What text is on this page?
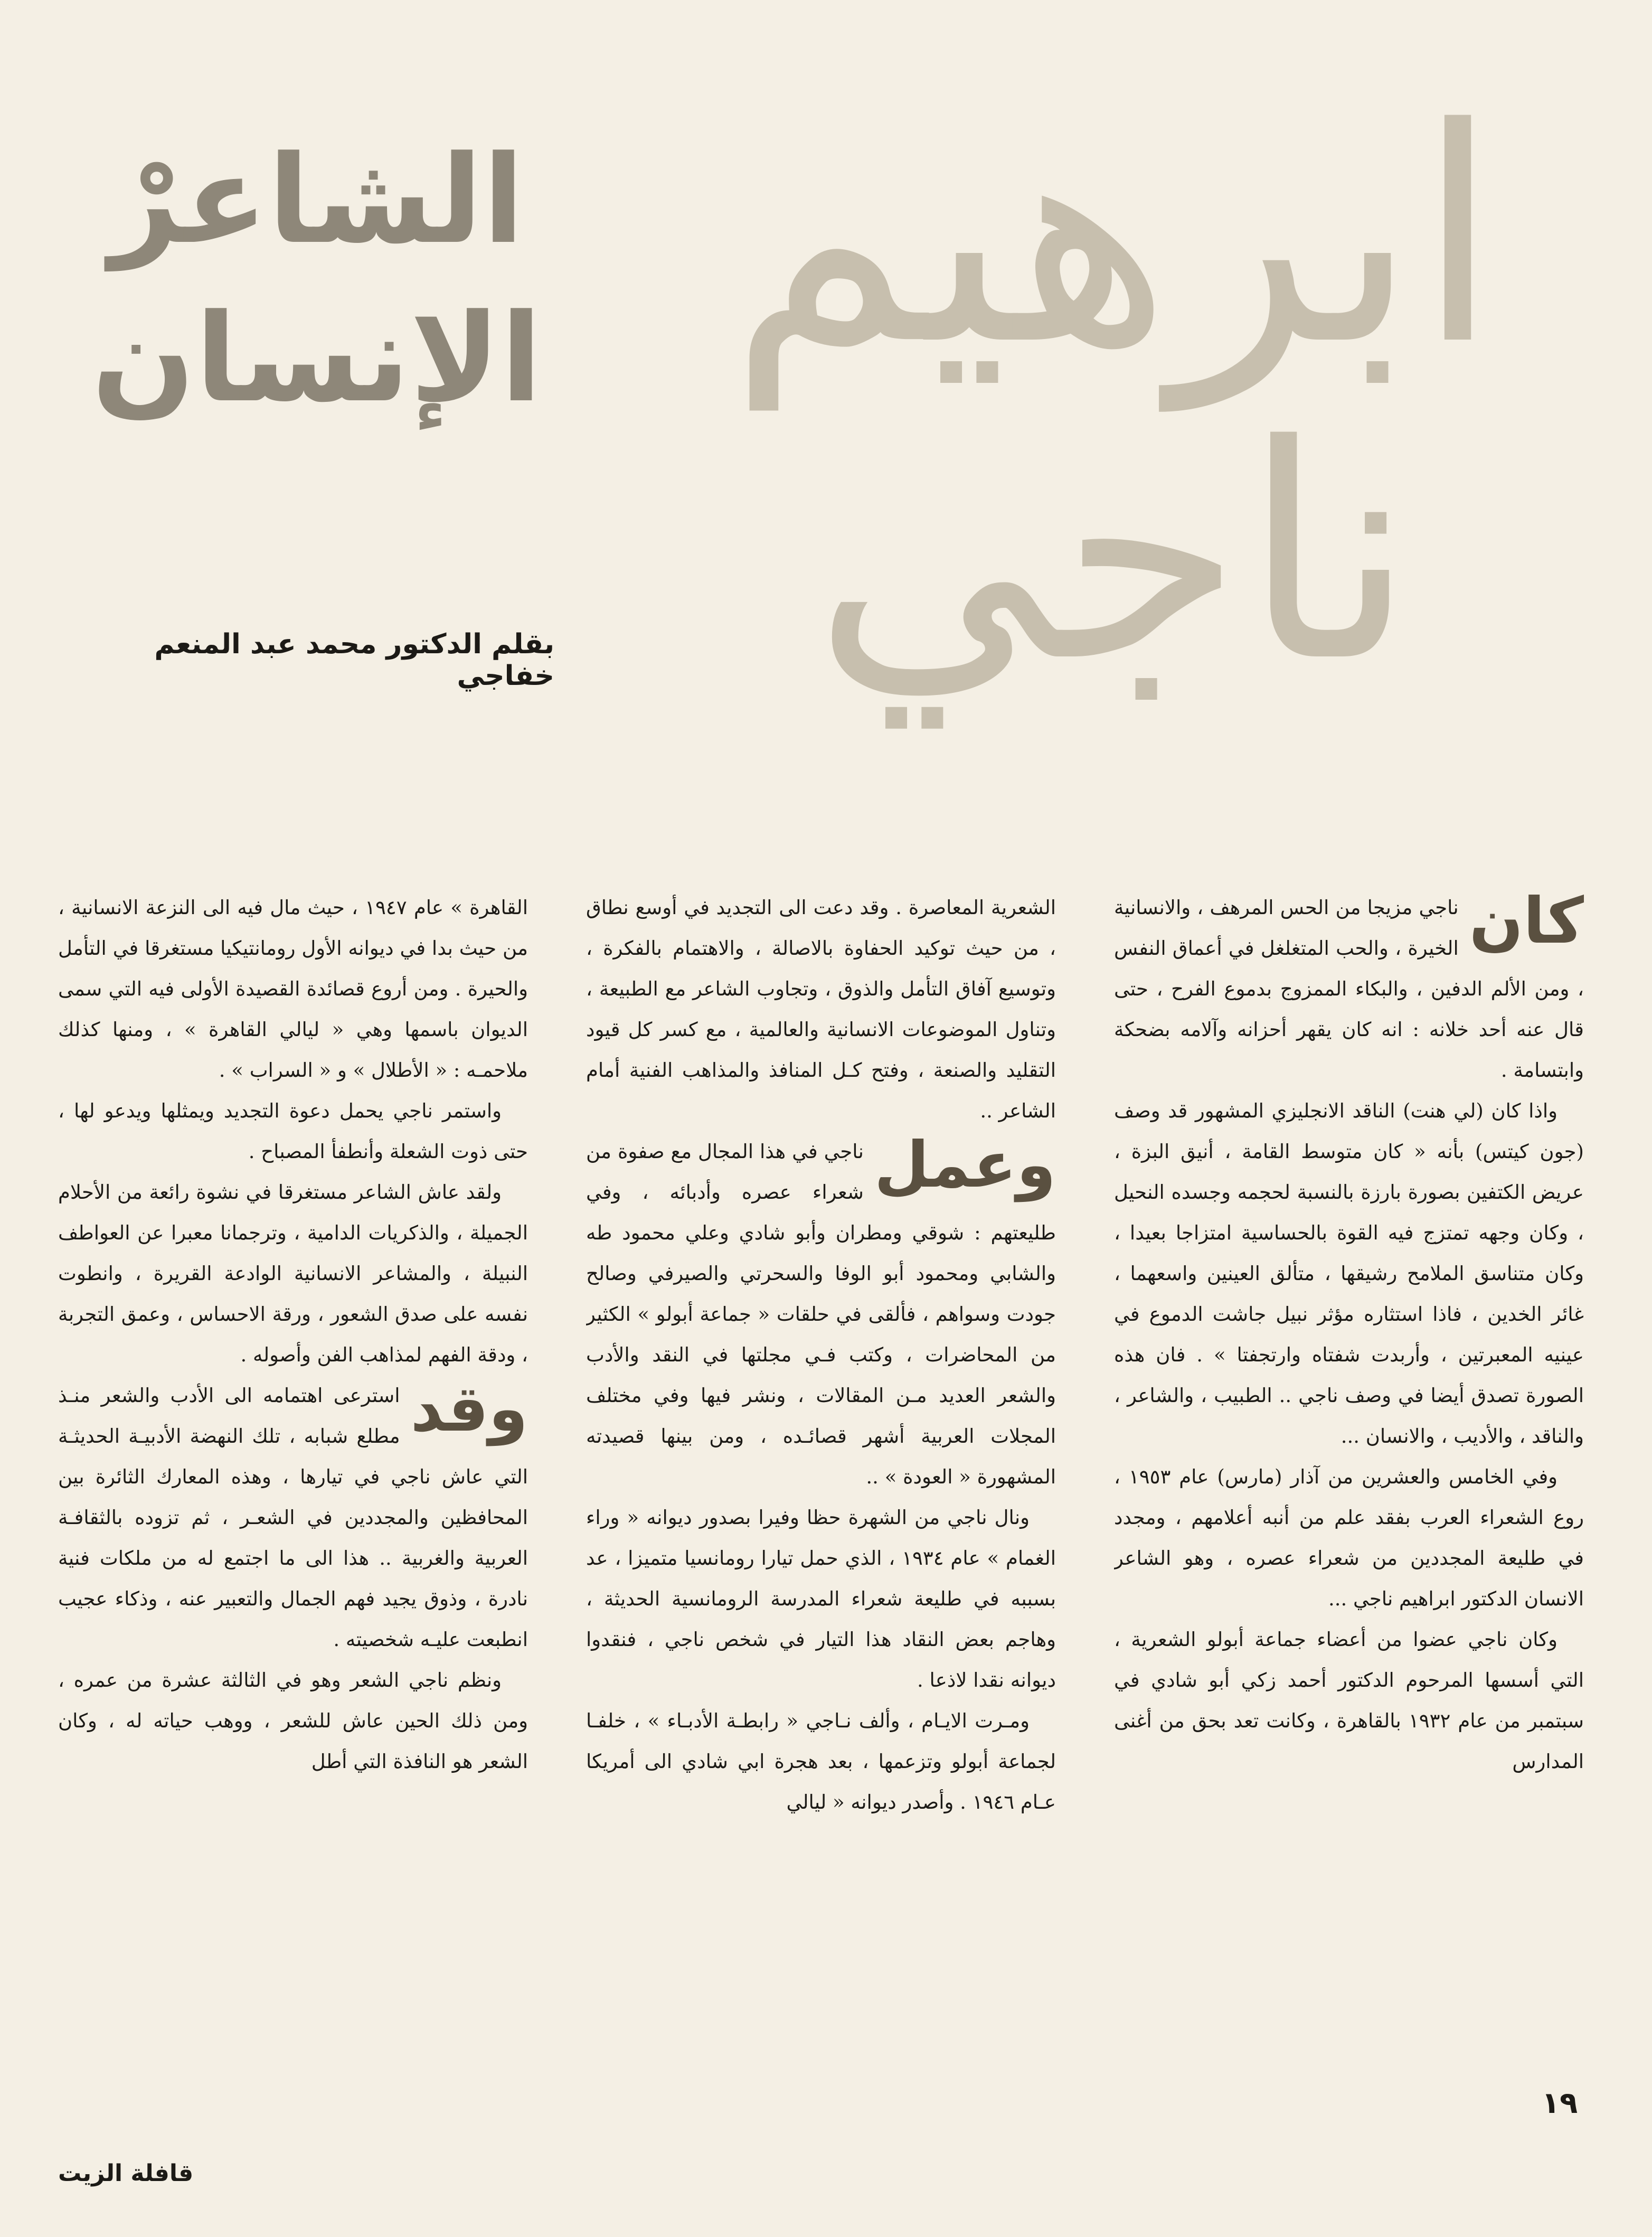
ابرهيم
ناجي
الشاعرْ
الإنسان
بقلم الدكتور محمد عبد المنعم خفاجي
كان

ناجي مزيجا من الحس المرهف ، والانسانية الخيرة ، والحب المتغلغل في أعماق النفس ، ومن الألم الدفين ، والبكاء الممزوج بدموع الفرح ، حتى قال عنه أحد خلانه : انه كان يقهر أحزانه وآلامه بضحكة وابتسامة .

واذا كان (لي هنت) الناقد الانجليزي المشهور قد وصف (جون كيتس) بأنه « كان متوسط القامة ، أنيق البزة ، عريض الكتفين بصورة بارزة بالنسبة لحجمه وجسده النحيل ، وكان وجهه تمتزج فيه القوة بالحساسية امتزاجا بعيدا ، وكان متناسق الملامح رشيقها ، متألق العينين واسعهما ، غائر الخدين ، فاذا استثاره مؤثر نبيل جاشت الدموع في عينيه المعبرتين ، وأربدت شفتاه وارتجفتا » . فان هذه الصورة تصدق أيضا في وصف ناجي .. الطبيب ، والشاعر ، والناقد ، والأديب ، والانسان ...

وفي الخامس والعشرين من آذار (مارس) عام ١٩٥٣ ، روع الشعراء العرب بفقد علم من أنبه أعلامهم ، ومجدد في طليعة المجددين من شعراء عصره ، وهو الشاعر الانسان الدكتور ابراهيم ناجي ...

وكان ناجي عضوا من أعضاء جماعة أبولو الشعرية ، التي أسسها المرحوم الدكتور أحمد زكي أبو شادي في سبتمبر من عام ١٩٣٢ بالقاهرة ، وكانت تعد بحق من أغنى المدارس

الشعرية المعاصرة . وقد دعت الى التجديد في أوسع نطاق ، من حيث توكيد الحفاوة بالاصالة ، والاهتمام بالفكرة ، وتوسيع آفاق التأمل والذوق ، وتجاوب الشاعر مع الطبيعة ، وتناول الموضوعات الانسانية والعالمية ، مع كسر كل قيود التقليد والصنعة ، وفتح كـل المنافذ والمذاهب الفنية أمام الشاعر ..

وعمل

ناجي في هذا المجال مع صفوة من شعراء عصره وأدبائه ، وفي طليعتهم : شوقي ومطران وأبو شادي وعلي محمود طه والشابي ومحمود أبو الوفا والسحرتي والصيرفي وصالح جودت وسواهم ، فألقى في حلقات « جماعة أبولو » الكثير من المحاضرات ، وكتب فـي مجلتها في النقد والأدب والشعر العديد مـن المقالات ، ونشر فيها وفي مختلف المجلات العربية أشهر قصائـده ، ومن بينها قصيدته المشهورة « العودة » ..

ونال ناجي من الشهرة حظا وفيرا بصدور ديوانه « وراء الغمام » عام ١٩٣٤ ، الذي حمل تيارا رومانسيا متميزا ، عد بسببه في طليعة شعراء المدرسة الرومانسية الحديثة ، وهاجم بعض النقاد هذا التيار في شخص ناجي ، فنقدوا ديوانه نقدا لاذعا .

ومـرت الايـام ، وألف نـاجي « رابطـة الأدبـاء » ، خلفـا لجماعة أبولو وتزعمها ، بعد هجرة ابي شادي الى أمريكا عـام ١٩٤٦ . وأصدر ديوانه « ليالي

القاهرة » عام ١٩٤٧ ، حيث مال فيه الى النزعة الانسانية ، من حيث بدا في ديوانه الأول رومانتيكيا مستغرقا في التأمل والحيرة . ومن أروع قصائدة القصيدة الأولى فيه التي سمى الديوان باسمها وهي « ليالي القاهرة » ، ومنها كذلك ملاحمـه : « الأطلال » و « السراب » .

واستمر ناجي يحمل دعوة التجديد ويمثلها ويدعو لها ، حتى ذوت الشعلة وأنطفأ المصباح .

ولقد عاش الشاعر مستغرقا في نشوة رائعة من الأحلام الجميلة ، والذكريات الدامية ، وترجمانا معبرا عن العواطف النبيلة ، والمشاعر الانسانية الوادعة القريرة ، وانطوت نفسه على صدق الشعور ، ورقة الاحساس ، وعمق التجربة ، ودقة الفهم لمذاهب الفن وأصوله .

وقد

استرعى اهتمامه الى الأدب والشعر منـذ مطلع شبابه ، تلك النهضة الأدبيـة الحديثـة التي عاش ناجي في تيارها ، وهذه المعارك الثائرة بين المحافظين والمجددين في الشعـر ، ثم تزوده بالثقافـة العربية والغربية .. هذا الى ما اجتمع له من ملكات فنية نادرة ، وذوق يجيد فهم الجمال والتعبير عنه ، وذكاء عجيب انطبعت عليـه شخصيته .

ونظم ناجي الشعر وهو في الثالثة عشرة من عمره ، ومن ذلك الحين عاش للشعر ، ووهب حياته له ، وكان الشعر هو النافذة التي أطل

١٩
قافلة الزيت
